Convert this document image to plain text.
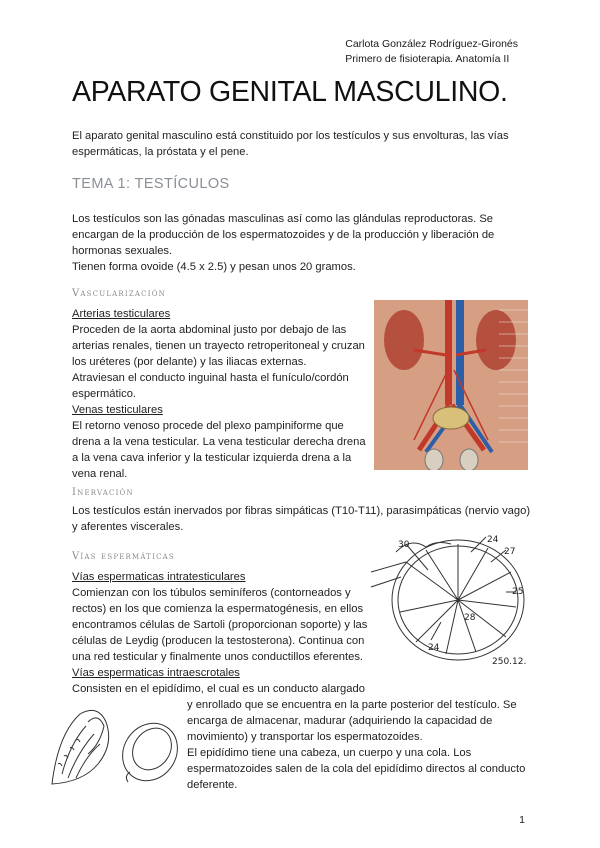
Carlota González Rodríguez-Gironés
Primero de fisioterapia. Anatomía II
APARATO GENITAL MASCULINO.
El aparato genital masculino está constituido por los testículos y sus envolturas, las vías
espermáticas, la próstata y el pene.
TEMA 1: TESTÍCULOS
Los testículos son las gónadas masculinas así como las glándulas reproductoras. Se
encargan de la producción de los espermatozoides y de la producción y liberación de
hormonas sexuales.
Tienen forma ovoide (4.5 x 2.5) y pesan unos 20 gramos.
Vascularización
Arterias testiculares
Proceden de la aorta abdominal justo por debajo de las
arterias renales, tienen un trayecto retroperitoneal y cruzan
los uréteres (por delante) y las iliacas externas.
Atraviesan el conducto inguinal hasta el funículo/cordón
espermático.
Venas testiculares
El retorno venoso procede del plexo pampiniforme que
drena a la vena testicular. La vena testicular derecha drena
a la vena cava inferior y la testicular izquierda drena a la
vena renal.
Inervación
Los testículos están inervados por fibras simpáticas (T10-T11), parasimpáticas (nervio vago)
y aferentes viscerales.
Vías espermáticas
Vías espermaticas intratesticulares
Comienzan con los túbulos seminíferos (contorneados y
rectos) en los que comienza la espermatogénesis, en ellos
encontramos células de Sartoli (proporcionan soporte) y las
células de Leydig (producen la testosterona). Continua con
una red testicular y finalmente unos conductillos eferentes.
Vías espermaticas intraescrotales
Consisten en el epidídimo, el cual es un conducto alargado
y enrollado que se encuentra en la parte posterior del testículo. Se
encarga de almacenar, madurar (adquiriendo la capacidad de
movimiento) y transportar los espermatozoides.
El epidídimo tiene una cabeza, un cuerpo y una cola. Los
espermatozoides salen de la cola del epidídimo directos al conducto
deferente.
30	24
27
25
28
24
250.12.
1
